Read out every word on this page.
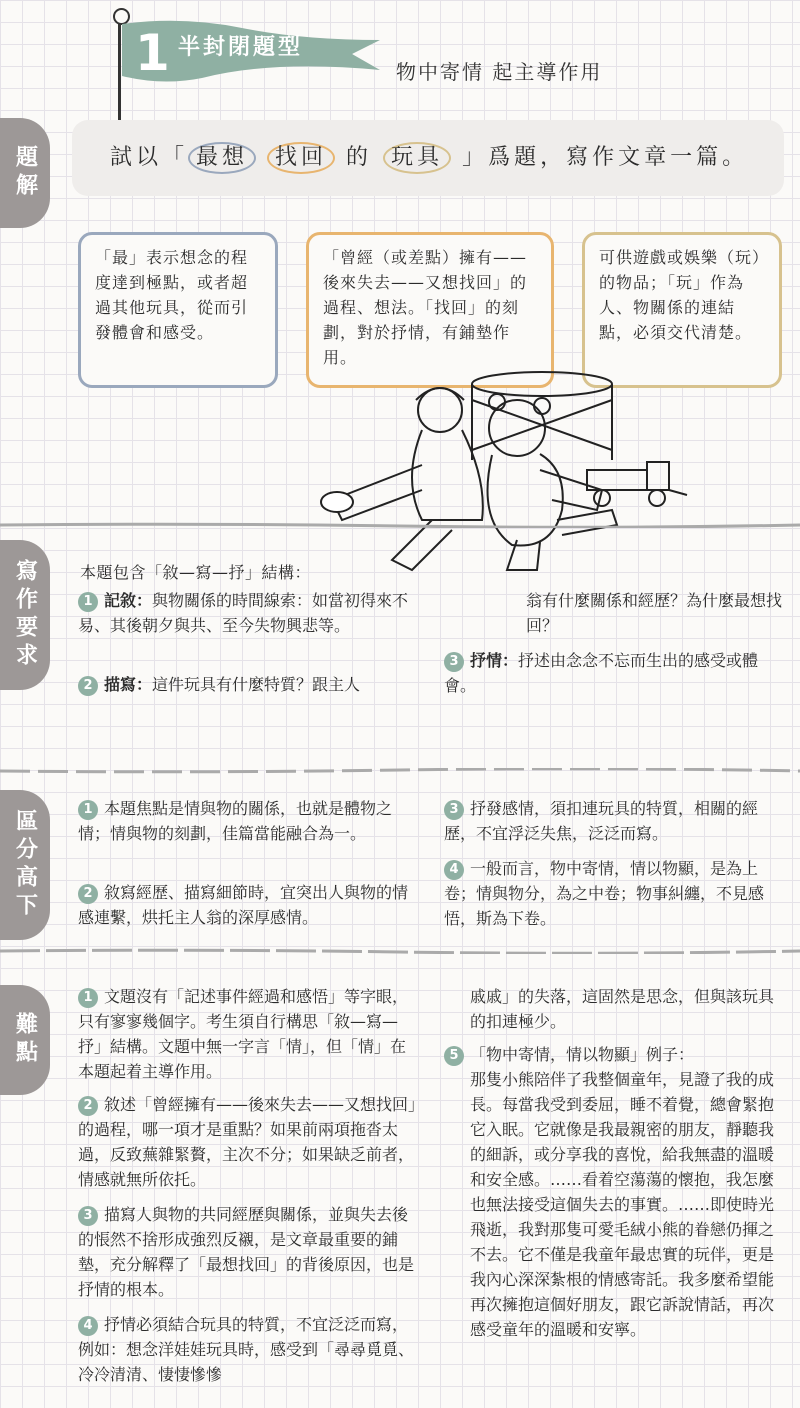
1 半封閉題型
物中寄情 起主導作用
題解	試以「 最想 找回 的 玩具 」爲題，寫作文章一篇。
「最」表示想念的程度達到極點，或者超過其他玩具，從而引發體會和感受。
「曾經（或差點）擁有——後來失去——又想找回」的過程、想法。「找回」的刻劃，對於抒情，有鋪墊作用。
可供遊戲或娛樂（玩）的物品；「玩」作為人、物關係的連結點，必須交代清楚。
寫作要求	本題包含「敘—寫—抒」結構：
1 記敘：與物關係的時間線索：如當初得來不易、其後朝夕與共、至今失物興悲等。
2 描寫：這件玩具有什麼特質？跟主人
翁有什麼關係和經歷？為什麼最想找回？
3 抒情：抒述由念念不忘而生出的感受或體會。
區分高下	1 本題焦點是情與物的關係，也就是體物之情；情與物的刻劃，佳篇當能融合為一。
2 敘寫經歷、描寫細節時，宜突出人與物的情感連繫，烘托主人翁的深厚感情。
3 抒發感情，須扣連玩具的特質，相關的經歷，不宜浮泛失焦，泛泛而寫。
4 一般而言，物中寄情，情以物顯，是為上卷；情與物分，為之中卷；物事糾纏，不見感悟，斯為下卷。
難點
1 文題沒有「記述事件經過和感悟」等字眼，只有寥寥幾個字。考生須自行構思「敘—寫—抒」結構。文題中無一字言「情」，但「情」在本題起着主導作用。
2 敘述「曾經擁有——後來失去——又想找回」的過程，哪一項才是重點？如果前兩項拖沓太過，反致蕪雜緊贅，主次不分；如果缺乏前者，情感就無所依托。
3 描寫人與物的共同經歷與關係，並與失去後的悵然不捨形成強烈反襯，是文章最重要的鋪墊，充分解釋了「最想找回」的背後原因，也是抒情的根本。
4 抒情必須結合玩具的特質，不宜泛泛而寫，例如：想念洋娃娃玩具時，感受到「尋尋覓覓、冷冷清清、悽悽慘慘
戚戚」的失落，這固然是思念，但與該玩具的扣連極少。
5 「物中寄情，情以物顯」例子：
那隻小熊陪伴了我整個童年，見證了我的成長。每當我受到委屈，睡不着覺，總會緊抱它入眠。它就像是我最親密的朋友，靜聽我的細訴，或分享我的喜悅，給我無盡的溫暖和安全感。……看着空蕩蕩的懷抱，我怎麼也無法接受這個失去的事實。……即使時光飛逝，我對那隻可愛毛絨小熊的眷戀仍揮之不去。它不僅是我童年最忠實的玩伴，更是我內心深深紮根的情感寄託。我多麼希望能再次擁抱這個好朋友，跟它訴說情話，再次感受童年的溫暖和安寧。
